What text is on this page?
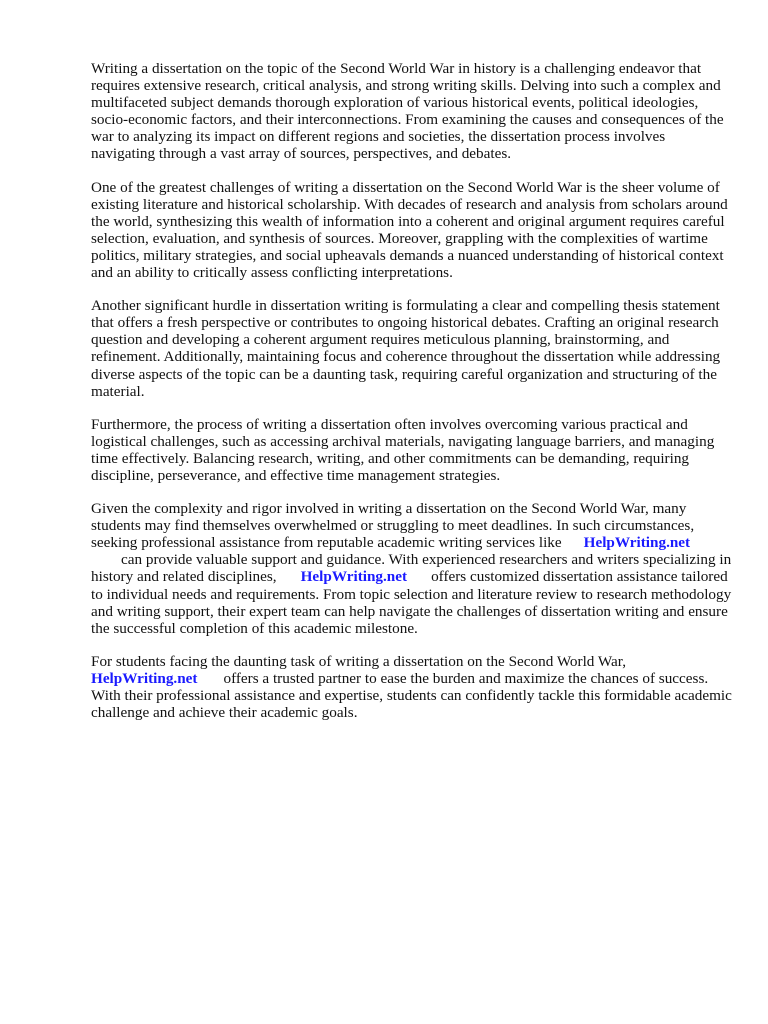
Writing a dissertation on the topic of the Second World War in history is a challenging endeavor that requires extensive research, critical analysis, and strong writing skills. Delving into such a complex and multifaceted subject demands thorough exploration of various historical events, political ideologies, socio-economic factors, and their interconnections. From examining the causes and consequences of the war to analyzing its impact on different regions and societies, the dissertation process involves navigating through a vast array of sources, perspectives, and debates.

One of the greatest challenges of writing a dissertation on the Second World War is the sheer volume of existing literature and historical scholarship. With decades of research and analysis from scholars around the world, synthesizing this wealth of information into a coherent and original argument requires careful selection, evaluation, and synthesis of sources. Moreover, grappling with the complexities of wartime politics, military strategies, and social upheavals demands a nuanced understanding of historical context and an ability to critically assess conflicting interpretations.

Another significant hurdle in dissertation writing is formulating a clear and compelling thesis statement that offers a fresh perspective or contributes to ongoing historical debates. Crafting an original research question and developing a coherent argument requires meticulous planning, brainstorming, and refinement. Additionally, maintaining focus and coherence throughout the dissertation while addressing diverse aspects of the topic can be a daunting task, requiring careful organization and structuring of the material.

Furthermore, the process of writing a dissertation often involves overcoming various practical and logistical challenges, such as accessing archival materials, navigating language barriers, and managing time effectively. Balancing research, writing, and other commitments can be demanding, requiring discipline, perseverance, and effective time management strategies.

Given the complexity and rigor involved in writing a dissertation on the Second World War, many students may find themselves overwhelmed or struggling to meet deadlines. In such circumstances, seeking professional assistance from reputable academic writing services like HelpWriting.net
can provide valuable support and guidance. With experienced researchers and writers specializing in history and related disciplines, HelpWriting.net offers customized dissertation assistance tailored to individual needs and requirements. From topic selection and literature review to research methodology and writing support, their expert team can help navigate the challenges of dissertation writing and ensure the successful completion of this academic milestone.

For students facing the daunting task of writing a dissertation on the Second World War,
HelpWriting.net offers a trusted partner to ease the burden and maximize the chances of success. With their professional assistance and expertise, students can confidently tackle this formidable academic challenge and achieve their academic goals.
